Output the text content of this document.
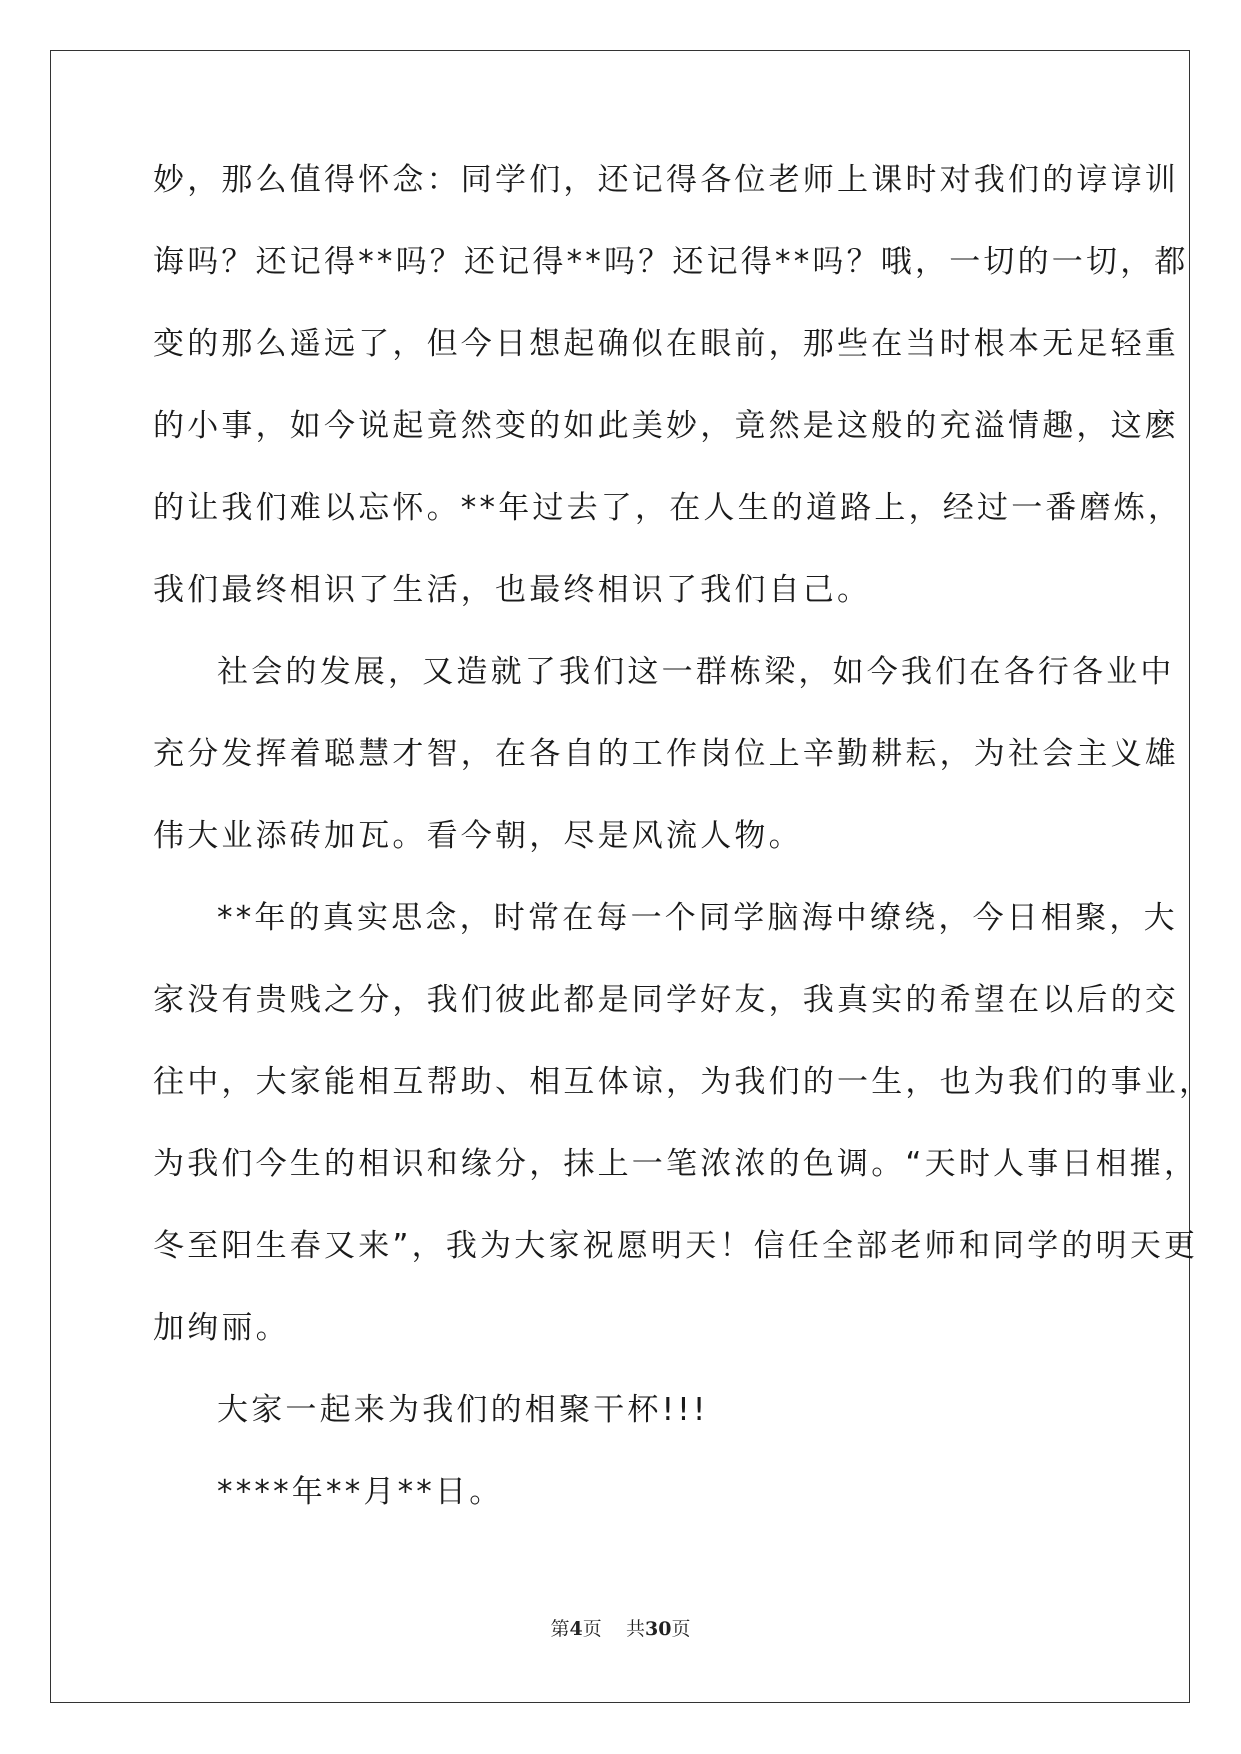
妙，那么值得怀念：同学们，还记得各位老师上课时对我们的谆谆训
诲吗？还记得**吗？还记得**吗？还记得**吗？哦，一切的一切，都
变的那么遥远了，但今日想起确似在眼前，那些在当时根本无足轻重
的小事，如今说起竟然变的如此美妙，竟然是这般的充溢情趣，这麽
的让我们难以忘怀。**年过去了，在人生的道路上，经过一番磨炼，
我们最终相识了生活，也最终相识了我们自己。
社会的发展，又造就了我们这一群栋梁，如今我们在各行各业中
充分发挥着聪慧才智，在各自的工作岗位上辛勤耕耘，为社会主义雄
伟大业添砖加瓦。看今朝，尽是风流人物。
**年的真实思念，时常在每一个同学脑海中缭绕，今日相聚，大
家没有贵贱之分，我们彼此都是同学好友，我真实的希望在以后的交
往中，大家能相互帮助、相互体谅，为我们的一生，也为我们的事业，
为我们今生的相识和缘分，抹上一笔浓浓的色调。“天时人事日相摧，
冬至阳生春又来”，我为大家祝愿明天！信任全部老师和同学的明天更
加绚丽。
大家一起来为我们的相聚干杯!!!
****年**月**日。
第4页 共30页
